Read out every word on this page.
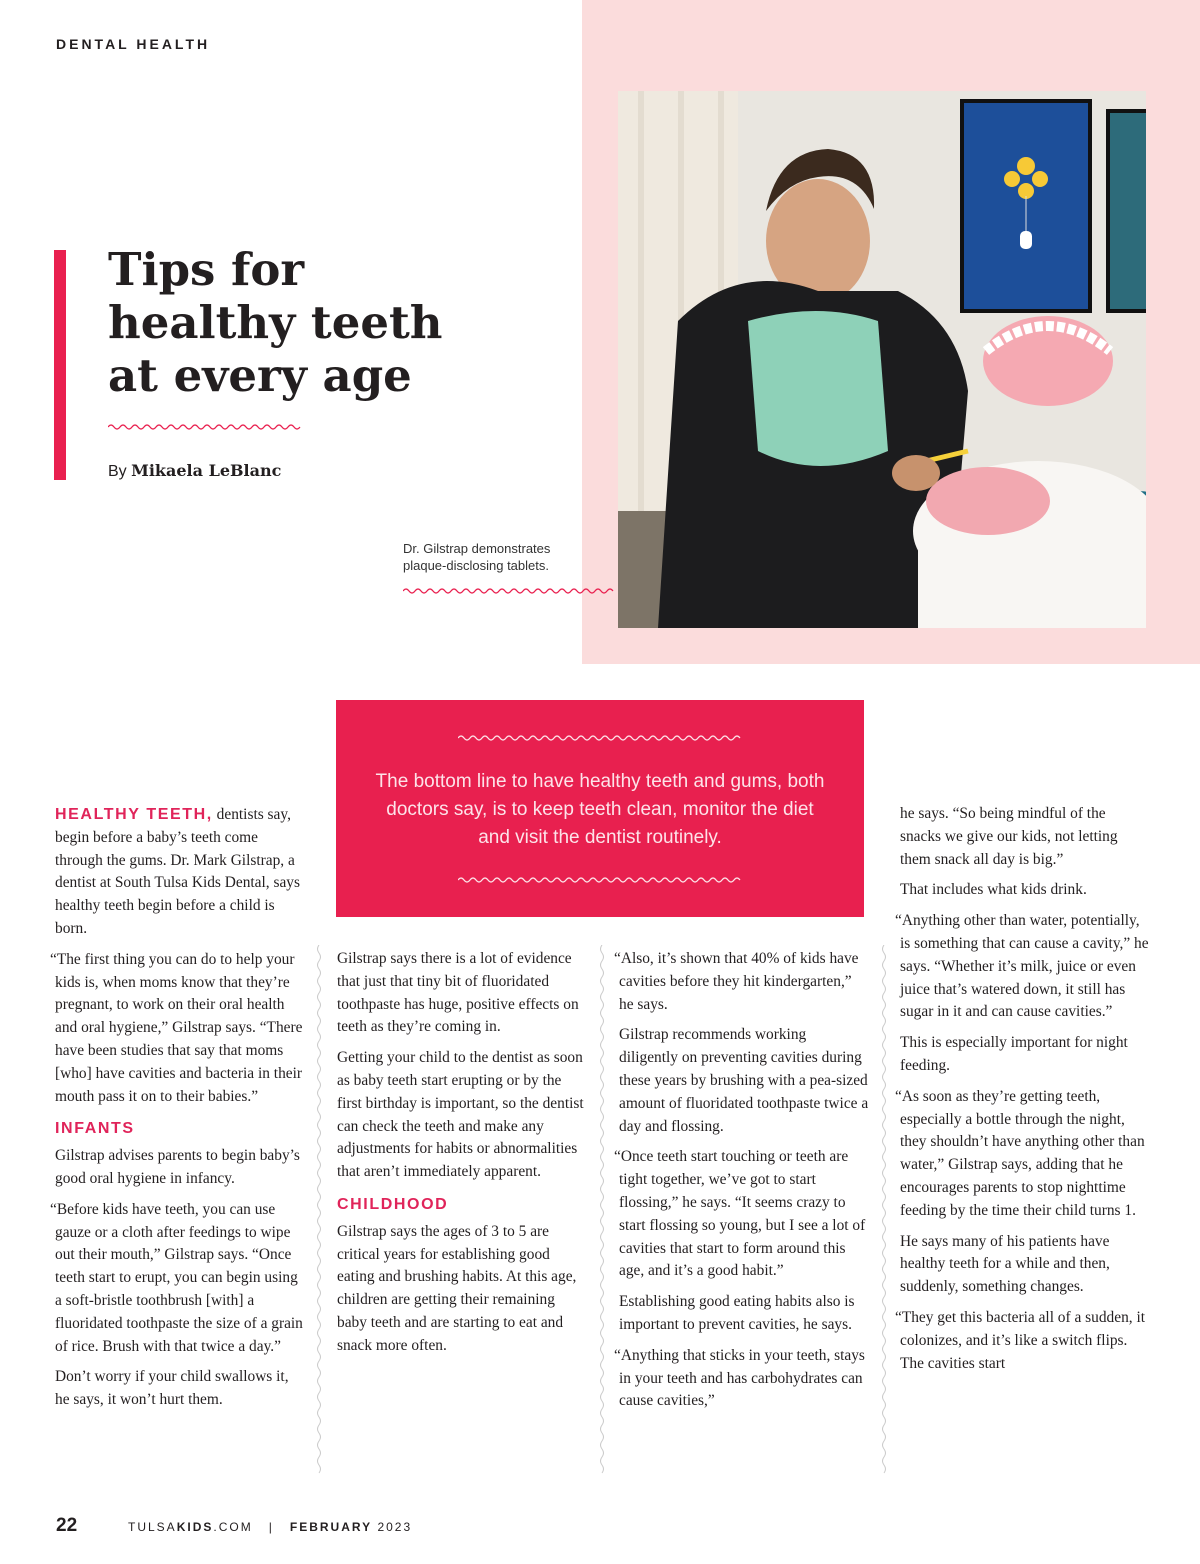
DENTAL HEALTH
Tips for healthy teeth at every age
By Mikaela LeBlanc
Dr. Gilstrap demonstrates plaque-disclosing tablets.

The bottom line to have healthy teeth and gums, both doctors say, is to keep teeth clean, monitor the diet and visit the dentist routinely.

HEALTHY TEETH, dentists say, begin before a baby’s teeth come through the gums. Dr. Mark Gilstrap, a dentist at South Tulsa Kids Dental, says healthy teeth begin before a child is born.

“The first thing you can do to help your kids is, when moms know that they’re pregnant, to work on their oral health and oral hygiene,” Gilstrap says. “There have been studies that say that moms [who] have cavities and bacteria in their mouth pass it on to their babies.”

INFANTS

Gilstrap advises parents to begin baby’s good oral hygiene in infancy.

“Before kids have teeth, you can use gauze or a cloth after feedings to wipe out their mouth,” Gilstrap says. “Once teeth start to erupt, you can begin using a soft-bristle toothbrush [with] a fluoridated toothpaste the size of a grain of rice. Brush with that twice a day.”

Don’t worry if your child swallows it, he says, it won’t hurt them.

Gilstrap says there is a lot of evidence that just that tiny bit of fluoridated toothpaste has huge, positive effects on teeth as they’re coming in.

Getting your child to the dentist as soon as baby teeth start erupting or by the first birthday is important, so the dentist can check the teeth and make any adjustments for habits or abnormalities that aren’t immediately apparent.

CHILDHOOD

Gilstrap says the ages of 3 to 5 are critical years for establishing good eating and brushing habits. At this age, children are getting their remaining baby teeth and are starting to eat and snack more often.

“Also, it’s shown that 40% of kids have cavities before they hit kindergarten,” he says.

Gilstrap recommends working diligently on preventing cavities during these years by brushing with a pea-sized amount of fluoridated toothpaste twice a day and flossing.

“Once teeth start touching or teeth are tight together, we’ve got to start flossing,” he says. “It seems crazy to start flossing so young, but I see a lot of cavities that start to form around this age, and it’s a good habit.”

Establishing good eating habits also is important to prevent cavities, he says.

“Anything that sticks in your teeth, stays in your teeth and has carbohydrates can cause cavities,”

he says. “So being mindful of the snacks we give our kids, not letting them snack all day is big.”

That includes what kids drink.

“Anything other than water, potentially, is something that can cause a cavity,” he says. “Whether it’s milk, juice or even juice that’s watered down, it still has sugar in it and can cause cavities.”

This is especially important for night feeding.

“As soon as they’re getting teeth, especially a bottle through the night, they shouldn’t have anything other than water,” Gilstrap says, adding that he encourages parents to stop nighttime feeding by the time their child turns 1.

He says many of his patients have healthy teeth for a while and then, suddenly, something changes.

“They get this bacteria all of a sudden, it colonizes, and it’s like a switch flips. The cavities start

22	TULSAKIDS.COM | FEBRUARY 2023
